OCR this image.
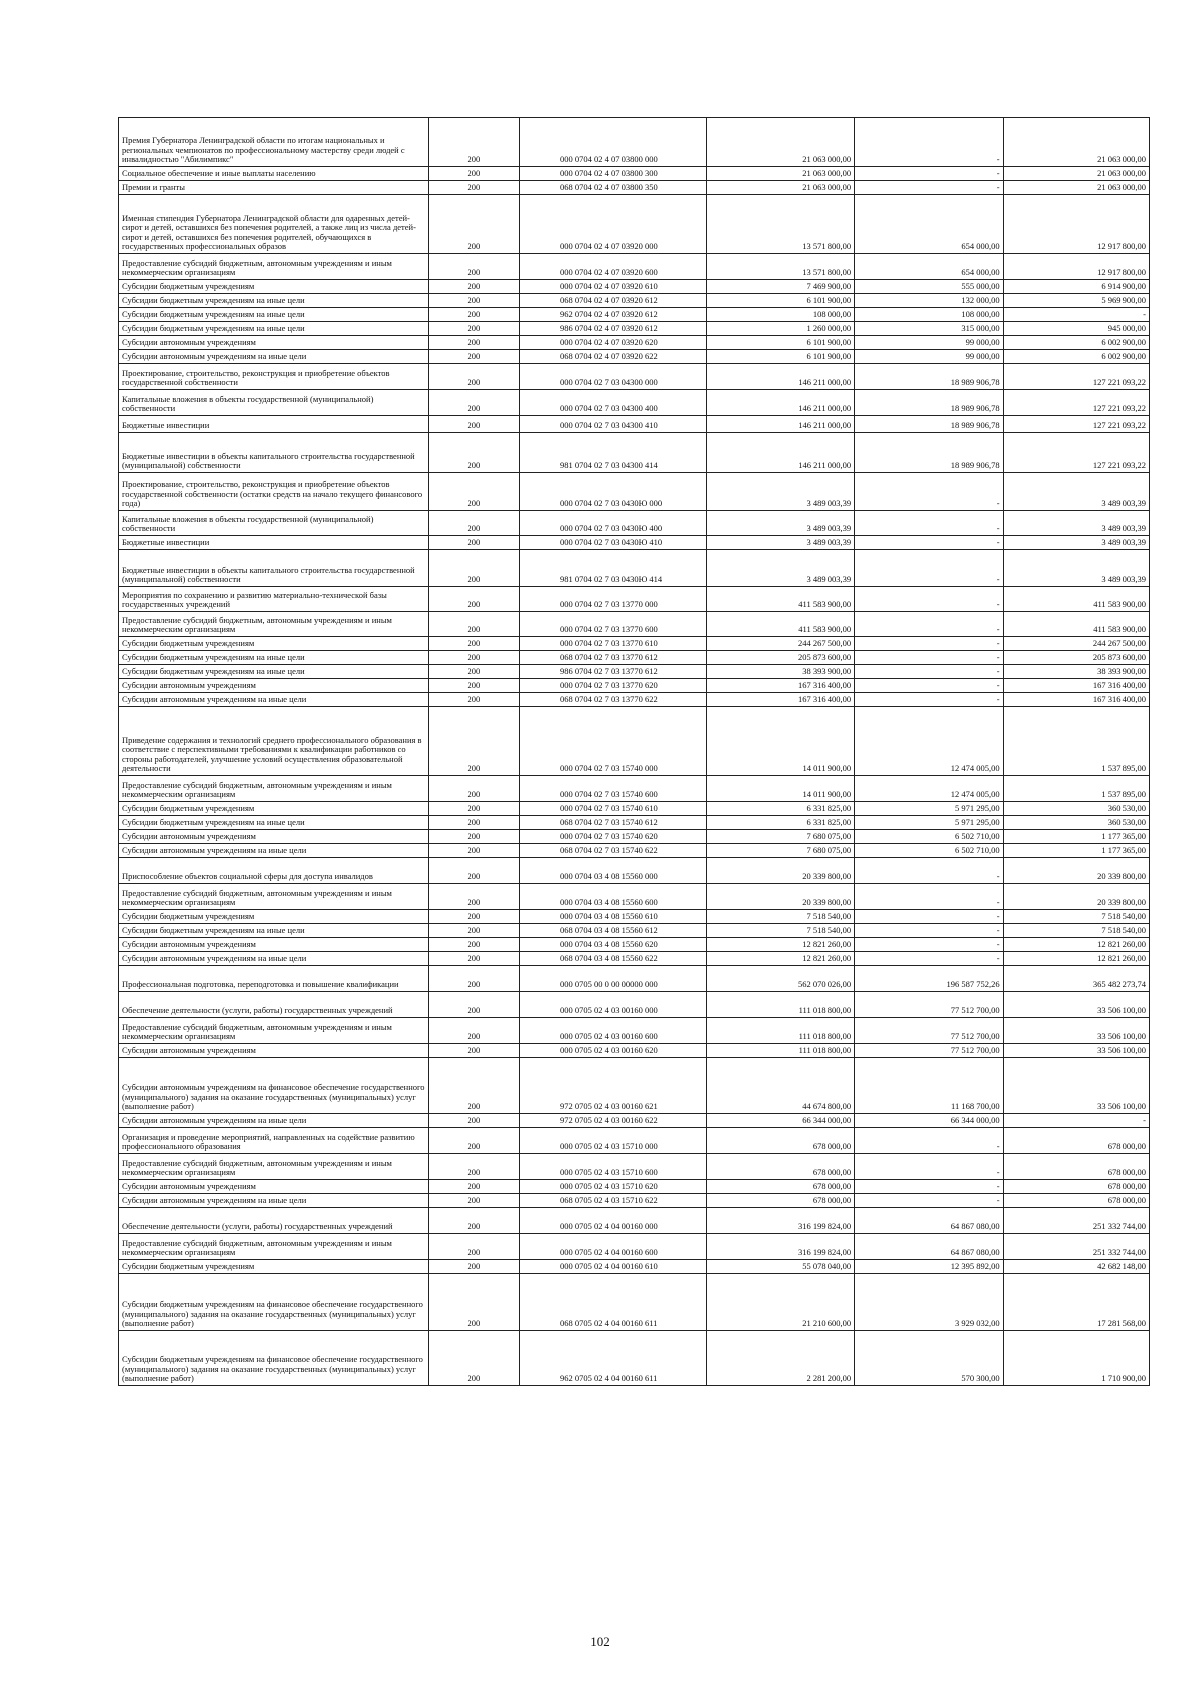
Премия Губернатора Ленинградской области по итогам национальных и региональных чемпионатов по профессиональному мастерству среди людей с инвалидностью "Абилимпикс"	200	000 0704 02 4 07 03800 000	21 063 000,00	-	21 063 000,00
Социальное обеспечение и иные выплаты населению	200	000 0704 02 4 07 03800 300	21 063 000,00	-	21 063 000,00
Премии и гранты	200	068 0704 02 4 07 03800 350	21 063 000,00	-	21 063 000,00
Именная стипендия Губернатора Ленинградской области для одаренных детей-сирот и детей, оставшихся без попечения родителей, а также лиц из числа детей-сирот и детей, оставшихся без попечения родителей, обучающихся в государственных профессиональных образов	200	000 0704 02 4 07 03920 000	13 571 800,00	654 000,00	12 917 800,00
Предоставление субсидий бюджетным, автономным учреждениям и иным некоммерческим организациям	200	000 0704 02 4 07 03920 600	13 571 800,00	654 000,00	12 917 800,00
Субсидии бюджетным учреждениям	200	000 0704 02 4 07 03920 610	7 469 900,00	555 000,00	6 914 900,00
Субсидии бюджетным учреждениям на иные цели	200	068 0704 02 4 07 03920 612	6 101 900,00	132 000,00	5 969 900,00
Субсидии бюджетным учреждениям на иные цели	200	962 0704 02 4 07 03920 612	108 000,00	108 000,00	-
Субсидии бюджетным учреждениям на иные цели	200	986 0704 02 4 07 03920 612	1 260 000,00	315 000,00	945 000,00
Субсидии автономным учреждениям	200	000 0704 02 4 07 03920 620	6 101 900,00	99 000,00	6 002 900,00
Субсидии автономным учреждениям на иные цели	200	068 0704 02 4 07 03920 622	6 101 900,00	99 000,00	6 002 900,00
Проектирование, строительство, реконструкция и приобретение объектов государственной собственности	200	000 0704 02 7 03 04300 000	146 211 000,00	18 989 906,78	127 221 093,22
Капитальные вложения в объекты государственной (муниципальной) собственности	200	000 0704 02 7 03 04300 400	146 211 000,00	18 989 906,78	127 221 093,22
Бюджетные инвестиции	200	000 0704 02 7 03 04300 410	146 211 000,00	18 989 906,78	127 221 093,22
Бюджетные инвестиции в объекты капитального строительства государственной (муниципальной) собственности	200	981 0704 02 7 03 04300 414	146 211 000,00	18 989 906,78	127 221 093,22
Проектирование, строительство, реконструкция и приобретение объектов государственной собственности (остатки средств на начало текущего финансового года)	200	000 0704 02 7 03 0430Ю 000	3 489 003,39	-	3 489 003,39
Капитальные вложения в объекты государственной (муниципальной) собственности	200	000 0704 02 7 03 0430Ю 400	3 489 003,39	-	3 489 003,39
Бюджетные инвестиции	200	000 0704 02 7 03 0430Ю 410	3 489 003,39	-	3 489 003,39
Бюджетные инвестиции в объекты капитального строительства государственной (муниципальной) собственности	200	981 0704 02 7 03 0430Ю 414	3 489 003,39	-	3 489 003,39
Мероприятия по сохранению и развитию материально-технической базы государственных учреждений	200	000 0704 02 7 03 13770 000	411 583 900,00	-	411 583 900,00
Предоставление субсидий бюджетным, автономным учреждениям и иным некоммерческим организациям	200	000 0704 02 7 03 13770 600	411 583 900,00	-	411 583 900,00
Субсидии бюджетным учреждениям	200	000 0704 02 7 03 13770 610	244 267 500,00	-	244 267 500,00
Субсидии бюджетным учреждениям на иные цели	200	068 0704 02 7 03 13770 612	205 873 600,00	-	205 873 600,00
Субсидии бюджетным учреждениям на иные цели	200	986 0704 02 7 03 13770 612	38 393 900,00	-	38 393 900,00
Субсидии автономным учреждениям	200	000 0704 02 7 03 13770 620	167 316 400,00	-	167 316 400,00
Субсидии автономным учреждениям на иные цели	200	068 0704 02 7 03 13770 622	167 316 400,00	-	167 316 400,00
Приведение содержания и технологий среднего профессионального образования в соответствие с перспективными требованиями к квалификации работников со стороны работодателей, улучшение условий осуществления образовательной деятельности	200	000 0704 02 7 03 15740 000	14 011 900,00	12 474 005,00	1 537 895,00
Предоставление субсидий бюджетным, автономным учреждениям и иным некоммерческим организациям	200	000 0704 02 7 03 15740 600	14 011 900,00	12 474 005,00	1 537 895,00
Субсидии бюджетным учреждениям	200	000 0704 02 7 03 15740 610	6 331 825,00	5 971 295,00	360 530,00
Субсидии бюджетным учреждениям на иные цели	200	068 0704 02 7 03 15740 612	6 331 825,00	5 971 295,00	360 530,00
Субсидии автономным учреждениям	200	000 0704 02 7 03 15740 620	7 680 075,00	6 502 710,00	1 177 365,00
Субсидии автономным учреждениям на иные цели	200	068 0704 02 7 03 15740 622	7 680 075,00	6 502 710,00	1 177 365,00
Приспособление объектов социальной сферы для доступа инвалидов	200	000 0704 03 4 08 15560 000	20 339 800,00	-	20 339 800,00
Предоставление субсидий бюджетным, автономным учреждениям и иным некоммерческим организациям	200	000 0704 03 4 08 15560 600	20 339 800,00	-	20 339 800,00
Субсидии бюджетным учреждениям	200	000 0704 03 4 08 15560 610	7 518 540,00	-	7 518 540,00
Субсидии бюджетным учреждениям на иные цели	200	068 0704 03 4 08 15560 612	7 518 540,00	-	7 518 540,00
Субсидии автономным учреждениям	200	000 0704 03 4 08 15560 620	12 821 260,00	-	12 821 260,00
Субсидии автономным учреждениям на иные цели	200	068 0704 03 4 08 15560 622	12 821 260,00	-	12 821 260,00
Профессиональная подготовка, переподготовка и повышение квалификации	200	000 0705 00 0 00 00000 000	562 070 026,00	196 587 752,26	365 482 273,74
Обеспечение деятельности (услуги, работы) государственных учреждений	200	000 0705 02 4 03 00160 000	111 018 800,00	77 512 700,00	33 506 100,00
Предоставление субсидий бюджетным, автономным учреждениям и иным некоммерческим организациям	200	000 0705 02 4 03 00160 600	111 018 800,00	77 512 700,00	33 506 100,00
Субсидии автономным учреждениям	200	000 0705 02 4 03 00160 620	111 018 800,00	77 512 700,00	33 506 100,00
Субсидии автономным учреждениям на финансовое обеспечение государственного (муниципального) задания на оказание государственных (муниципальных) услуг (выполнение работ)	200	972 0705 02 4 03 00160 621	44 674 800,00	11 168 700,00	33 506 100,00
Субсидии автономным учреждениям на иные цели	200	972 0705 02 4 03 00160 622	66 344 000,00	66 344 000,00	-
Организация и проведение мероприятий, направленных на содействие развитию профессионального образования	200	000 0705 02 4 03 15710 000	678 000,00	-	678 000,00
Предоставление субсидий бюджетным, автономным учреждениям и иным некоммерческим организациям	200	000 0705 02 4 03 15710 600	678 000,00	-	678 000,00
Субсидии автономным учреждениям	200	000 0705 02 4 03 15710 620	678 000,00	-	678 000,00
Субсидии автономным учреждениям на иные цели	200	068 0705 02 4 03 15710 622	678 000,00	-	678 000,00
Обеспечение деятельности (услуги, работы) государственных учреждений	200	000 0705 02 4 04 00160 000	316 199 824,00	64 867 080,00	251 332 744,00
Предоставление субсидий бюджетным, автономным учреждениям и иным некоммерческим организациям	200	000 0705 02 4 04 00160 600	316 199 824,00	64 867 080,00	251 332 744,00
Субсидии бюджетным учреждениям	200	000 0705 02 4 04 00160 610	55 078 040,00	12 395 892,00	42 682 148,00
Субсидии бюджетным учреждениям на финансовое обеспечение государственного (муниципального) задания на оказание государственных (муниципальных) услуг (выполнение работ)	200	068 0705 02 4 04 00160 611	21 210 600,00	3 929 032,00	17 281 568,00
Субсидии бюджетным учреждениям на финансовое обеспечение государственного (муниципального) задания на оказание государственных (муниципальных) услуг (выполнение работ)	200	962 0705 02 4 04 00160 611	2 281 200,00	570 300,00	1 710 900,00
102
